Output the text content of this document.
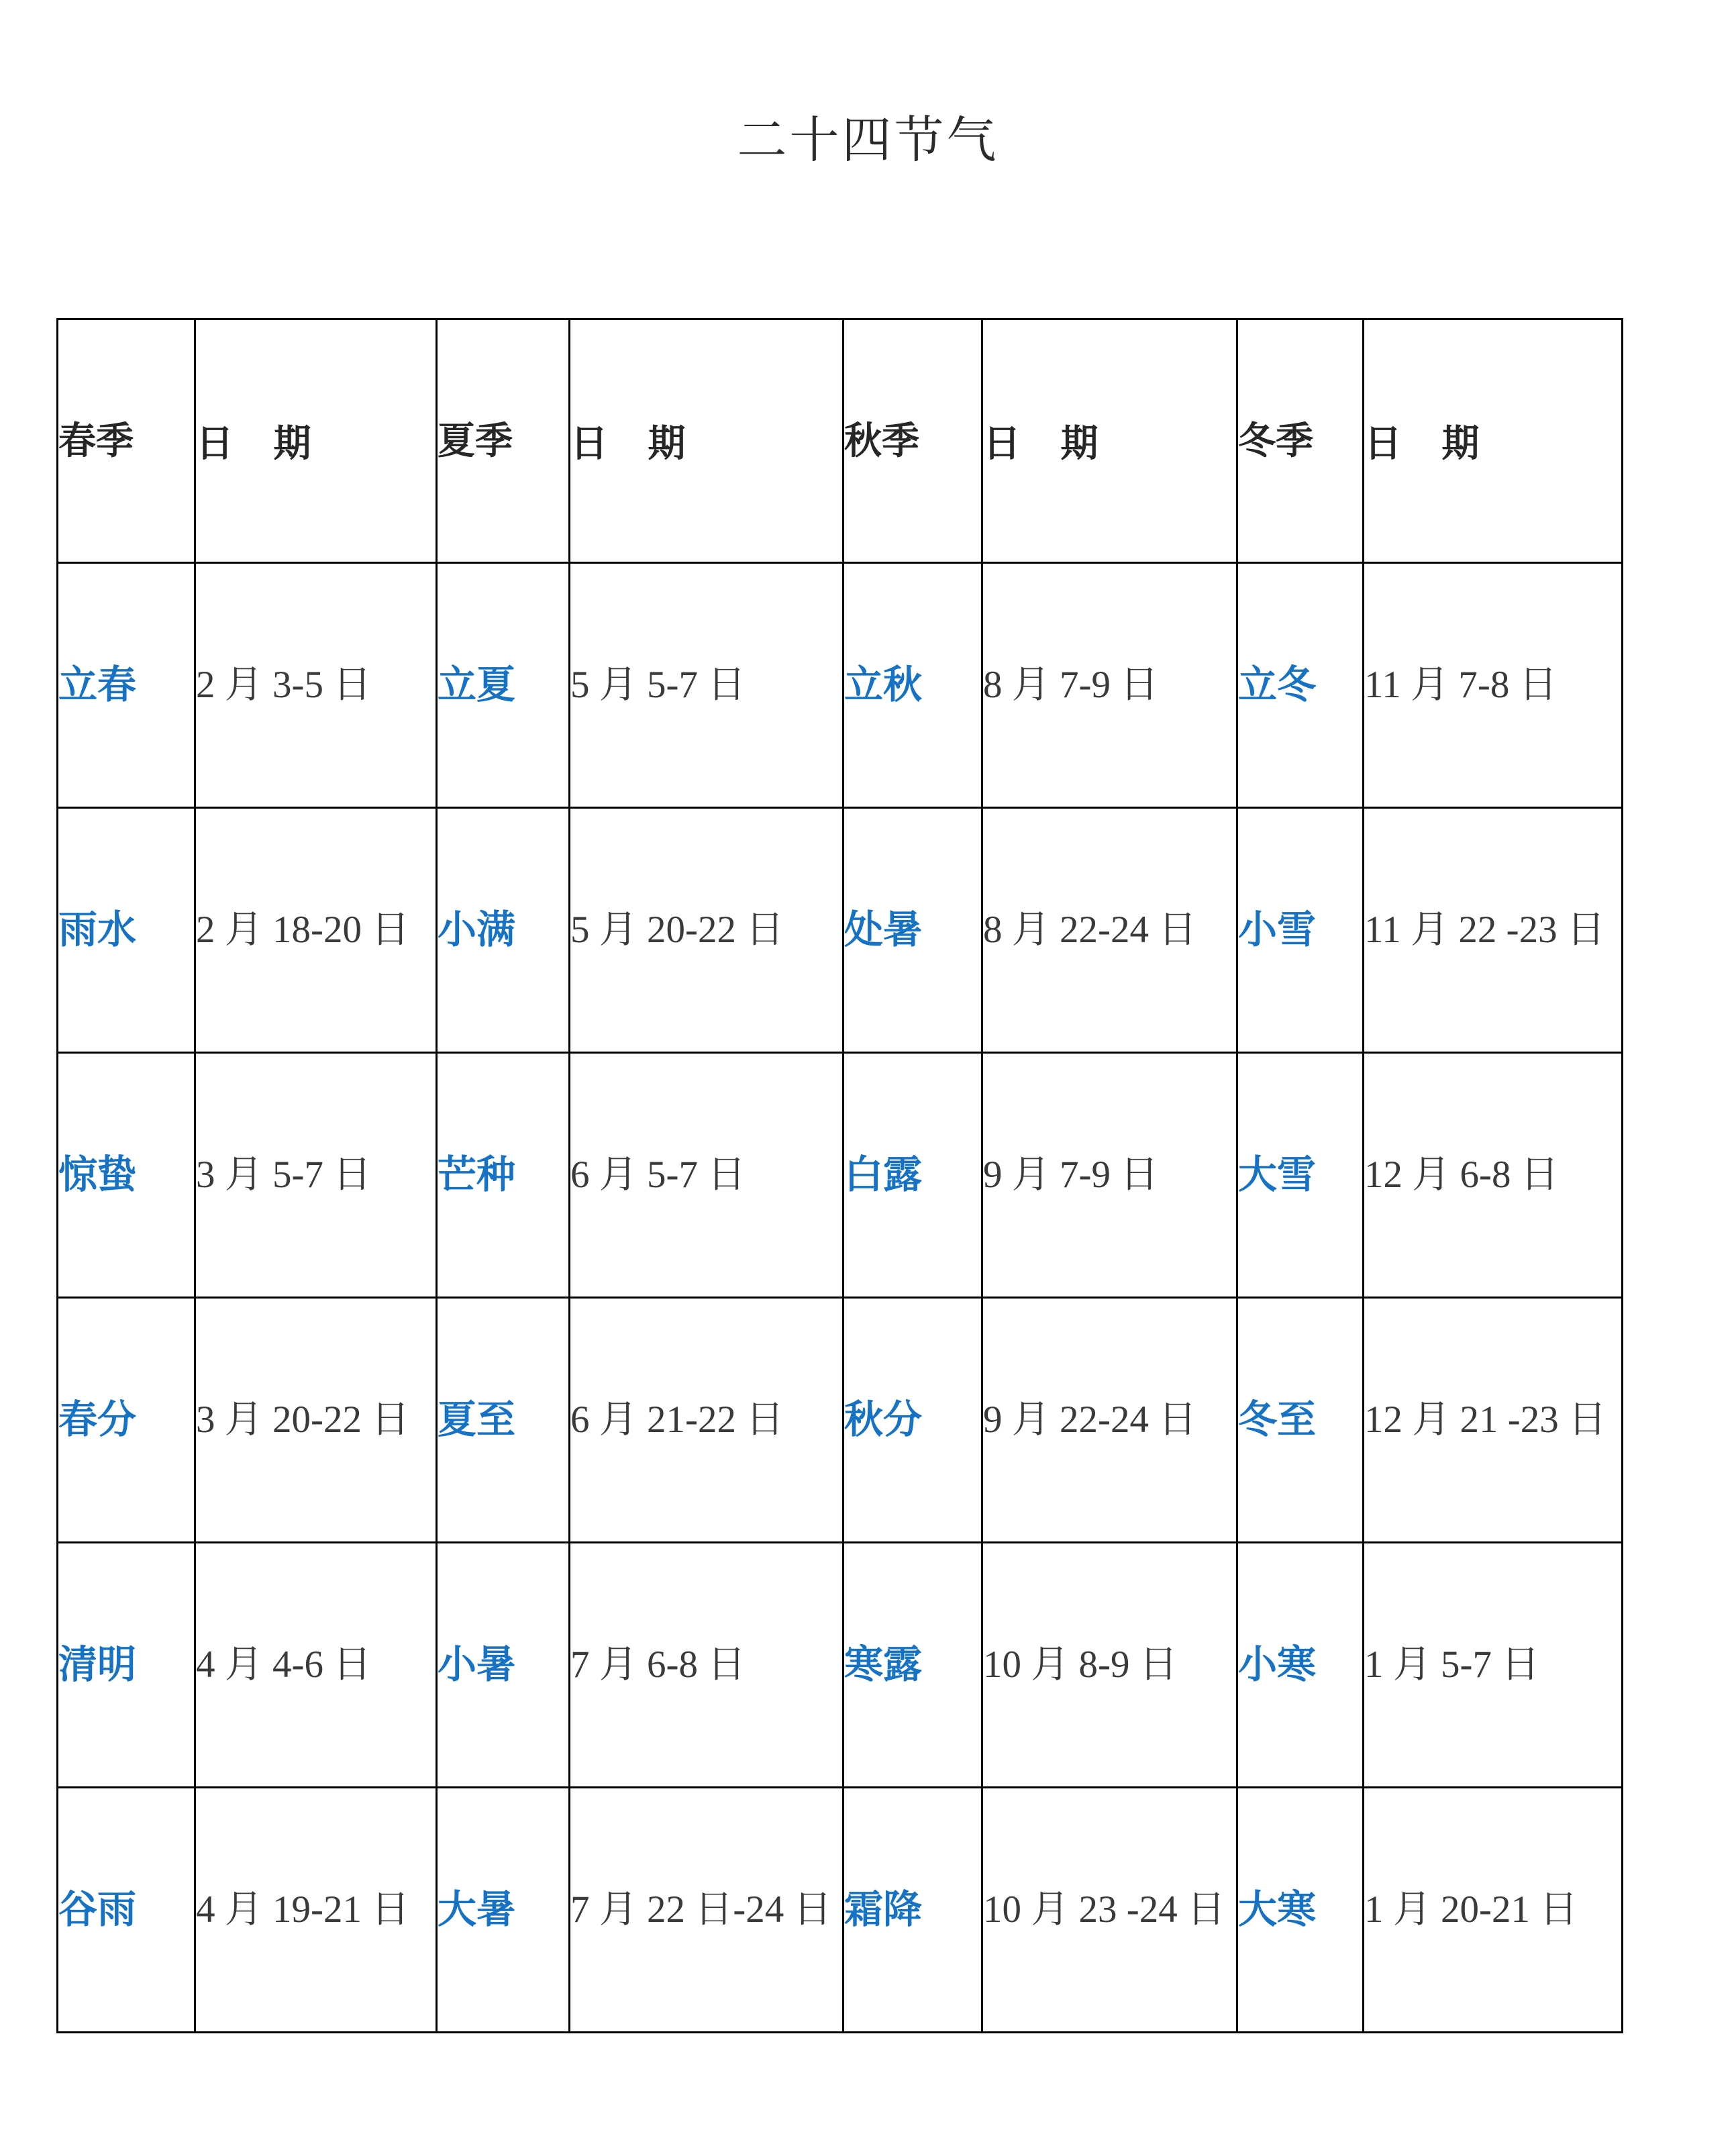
二十四节气
春季	日 期	夏季	日 期	秋季	日 期	冬季	日 期
立春	2 月 3-5 日	立夏	5 月 5-7 日	立秋	8 月 7-9 日	立冬	11 月 7-8 日
雨水	2 月 18-20 日	小满	5 月 20-22 日	处暑	8 月 22-24 日	小雪	11 月 22 -23 日
惊蛰	3 月 5-7 日	芒种	6 月 5-7 日	白露	9 月 7-9 日	大雪	12 月 6-8 日
春分	3 月 20-22 日	夏至	6 月 21-22 日	秋分	9 月 22-24 日	冬至	12 月 21 -23 日
清明	4 月 4-6 日	小暑	7 月 6-8 日	寒露	10 月 8-9 日	小寒	1 月 5-7 日
谷雨	4 月 19-21 日	大暑	7 月 22 日-24 日	霜降	10 月 23 -24 日	大寒	1 月 20-21 日
